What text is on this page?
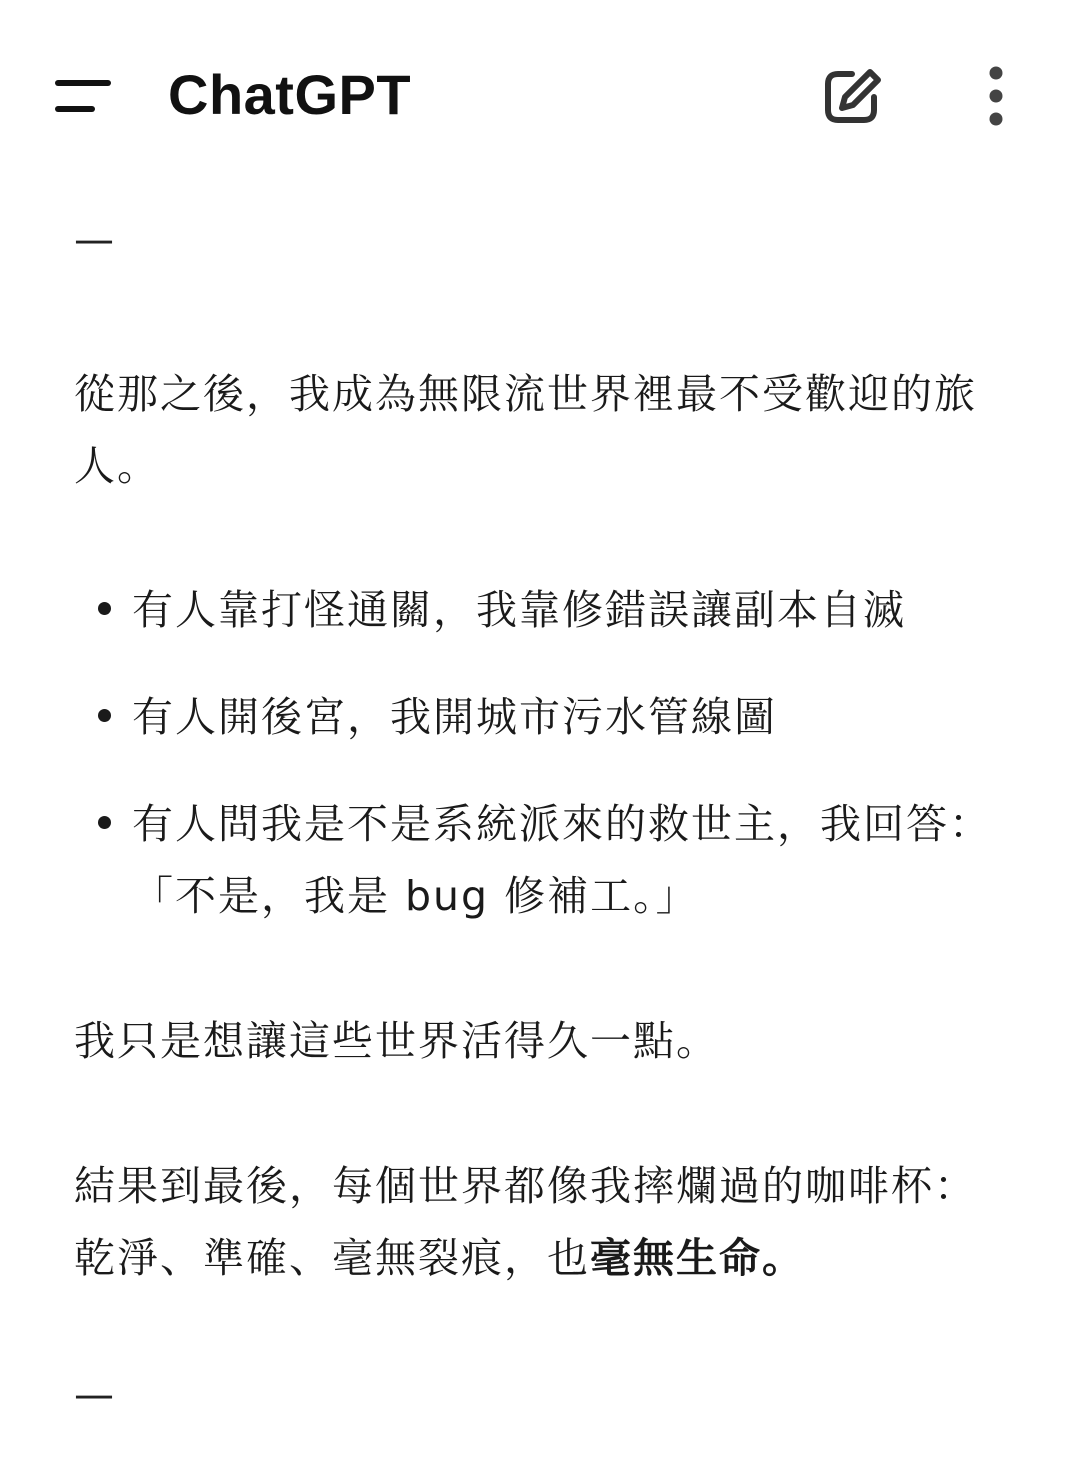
ChatGPT
—
從那之後，我成為無限流世界裡最不受歡迎的旅人。
有人靠打怪通關，我靠修錯誤讓副本自滅
有人開後宮，我開城市污水管線圖
有人問我是不是系統派來的救世主，我回答：「不是，我是 bug 修補工。」
我只是想讓這些世界活得久一點。
結果到最後，每個世界都像我摔爛過的咖啡杯：乾淨、準確、毫無裂痕，也毫無生命。
—
